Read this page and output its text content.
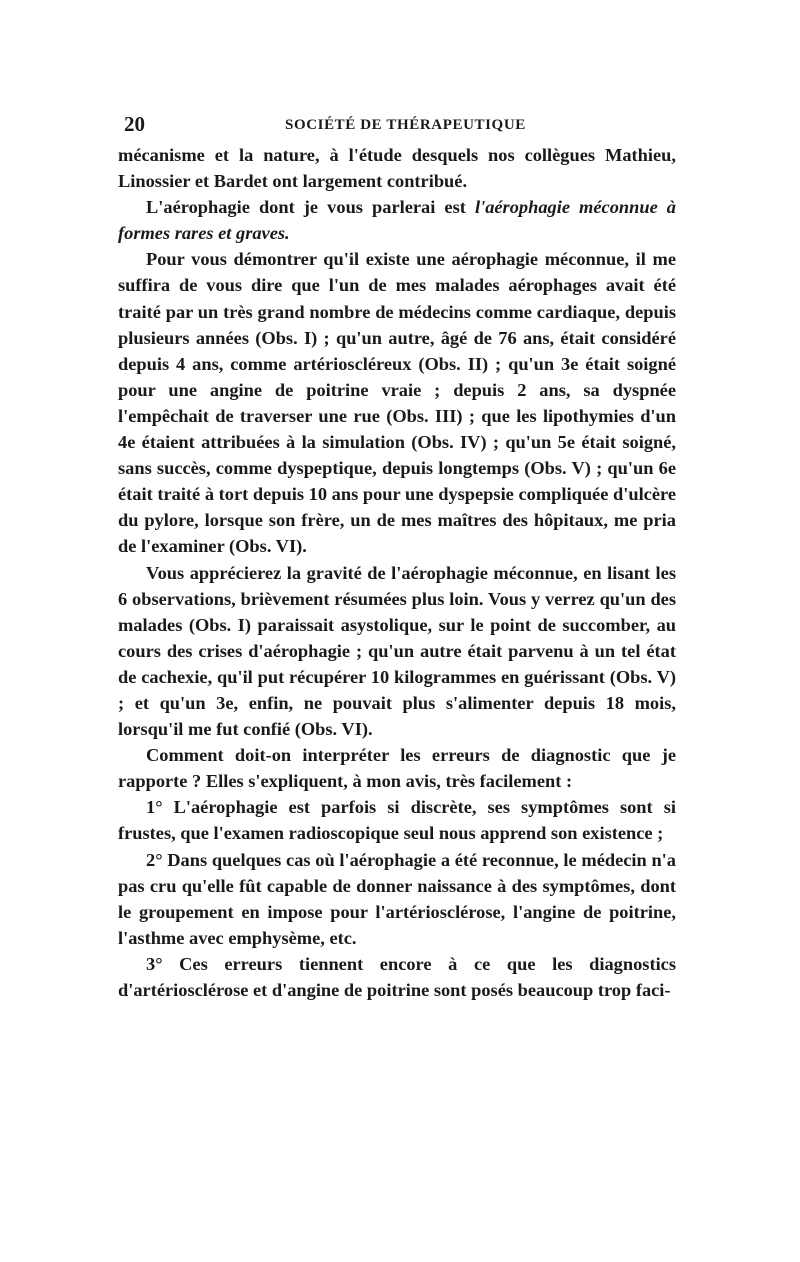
20	SOCIÉTÉ DE THÉRAPEUTIQUE

mécanisme et la nature, à l'étude desquels nos collègues Mathieu, Linossier et Bardet ont largement contribué.

L'aérophagie dont je vous parlerai est l'aérophagie méconnue à formes rares et graves.

Pour vous démontrer qu'il existe une aérophagie méconnue, il me suffira de vous dire que l'un de mes malades aérophages avait été traité par un très grand nombre de médecins comme cardiaque, depuis plusieurs années (Obs. I) ; qu'un autre, âgé de 76 ans, était considéré depuis 4 ans, comme artérioscléreux (Obs. II) ; qu'un 3e était soigné pour une angine de poitrine vraie ; depuis 2 ans, sa dyspnée l'empêchait de traverser une rue (Obs. III) ; que les lipothymies d'un 4e étaient attribuées à la simulation (Obs. IV) ; qu'un 5e était soigné, sans succès, comme dyspeptique, depuis longtemps (Obs. V) ; qu'un 6e était traité à tort depuis 10 ans pour une dyspepsie compliquée d'ulcère du pylore, lorsque son frère, un de mes maîtres des hôpitaux, me pria de l'examiner (Obs. VI).

Vous apprécierez la gravité de l'aérophagie méconnue, en lisant les 6 observations, brièvement résumées plus loin. Vous y verrez qu'un des malades (Obs. I) paraissait asystolique, sur le point de succomber, au cours des crises d'aérophagie ; qu'un autre était parvenu à un tel état de cachexie, qu'il put récupérer 10 kilogrammes en guérissant (Obs. V) ; et qu'un 3e, enfin, ne pouvait plus s'alimenter depuis 18 mois, lorsqu'il me fut confié (Obs. VI).

Comment doit-on interpréter les erreurs de diagnostic que je rapporte ? Elles s'expliquent, à mon avis, très facilement :

1° L'aérophagie est parfois si discrète, ses symptômes sont si frustes, que l'examen radioscopique seul nous apprend son existence ;

2° Dans quelques cas où l'aérophagie a été reconnue, le médecin n'a pas cru qu'elle fût capable de donner naissance à des symptômes, dont le groupement en impose pour l'artériosclérose, l'angine de poitrine, l'asthme avec emphysème, etc.

3° Ces erreurs tiennent encore à ce que les diagnostics d'artériosclérose et d'angine de poitrine sont posés beaucoup trop faci-
